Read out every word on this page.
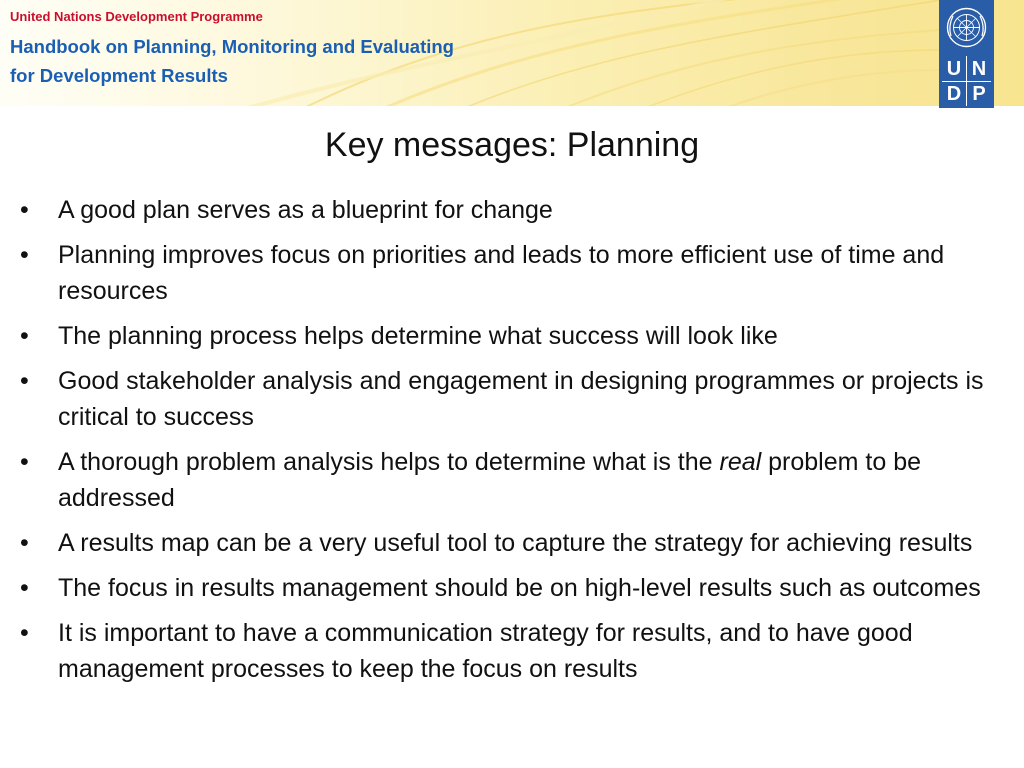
United Nations Development Programme
Handbook on Planning, Monitoring and Evaluating
for Development Results	U N
D P
Key messages: Planning
•	A good plan serves as a blueprint for change
•	Planning improves focus on priorities and leads to more efficient use of time and resources
•	The planning process helps determine what success will look like
•	Good stakeholder analysis and engagement in designing programmes or projects is critical to success
•	A thorough problem analysis helps to determine what is the real problem to be addressed
•	A results map can be a very useful tool to capture the strategy for achieving results
•	The focus in results management should be on high-level results such as outcomes
•	It is important to have a communication strategy for results, and to have good management processes to keep the focus on results
